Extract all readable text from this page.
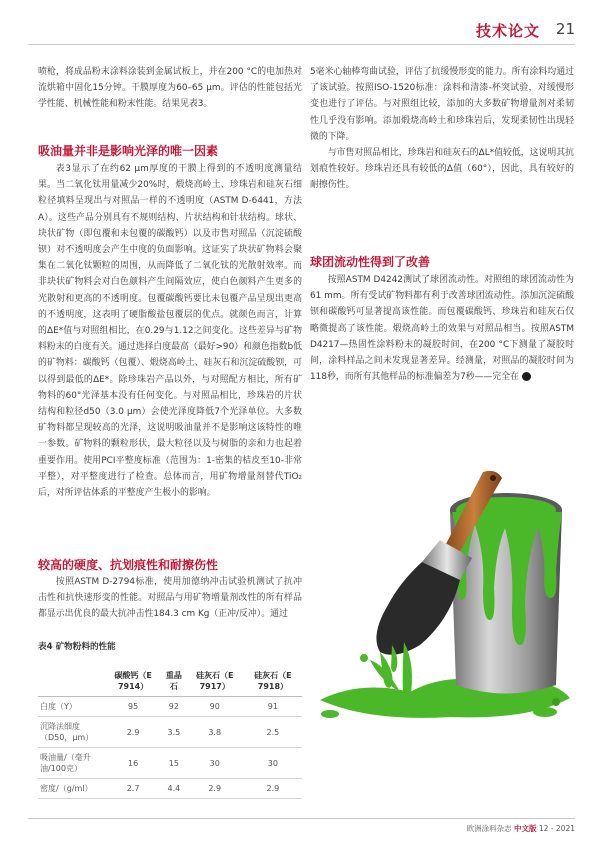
技术论文 21

喷枪，将成品粉末涂料涂装到金属试板上，并在200 °C的电加热对流烘箱中固化15分钟。干膜厚度为60–65 μm。评估的性能包括光学性能、机械性能和粉末性能。结果见表3。

吸油量并非是影响光泽的唯一因素

表3显示了在约62 μm厚度的干膜上得到的不透明度测量结果。当二氧化钛用量减少20%时，煅烧高岭土、珍珠岩和硅灰石细粒径填料呈现出与对照品一样的不透明度（ASTM D-6441，方法A）。这些产品分别具有不规则结构、片状结构和针状结构。球状、块状矿物（即包覆和未包覆的碳酸钙）以及市售对照品（沉淀硫酸钡）对不透明度会产生中度的负面影响。这证实了块状矿物料会聚集在二氧化钛颗粒的周围，从而降低了二氧化钛的光散射效率。而非块状矿物料会对白色颜料产生间隔效应，使白色颜料产生更多的光散射和更高的不透明度。包覆碳酸钙要比未包覆产品呈现出更高的不透明度，这表明了硬脂酸盐包覆层的优点。就颜色而言，计算的ΔE*值与对照组相比，在0.29与1.12之间变化。这些差异与矿物料粉末的白度有关。通过选择白度最高（最好>90）和颜色指数b低的矿物料：碳酸钙（包覆）、煅烧高岭土、硅灰石和沉淀硫酸钡，可以得到最低的ΔE*。除珍珠岩产品以外，与对照配方相比，所有矿物料的60°光泽基本没有任何变化。与对照品相比，珍珠岩的片状结构和粒径d50（3.0 μm）会使光泽度降低7个光泽单位。大多数矿物料都呈现较高的光泽，这说明吸油量并不是影响这该特性的唯一参数。矿物料的颗粒形状，最大粒径以及与树脂的亲和力也起着重要作用。使用PCI平整度标准（范围为：1-密集的桔皮至10-非常平整），对平整度进行了检查。总体而言，用矿物增量剂替代TiO₂后，对所评估体系的平整度产生极小的影响。

较高的硬度、抗划痕性和耐擦伤性

按照ASTM D-2794标准，使用加德纳冲击试验机测试了抗冲击性和抗快速形变的性能。对照品与用矿物增量剂改性的所有样品都显示出优良的最大抗冲击性184.3 cm Kg（正冲/反冲）。通过

表4 矿物粉料的性能
	碳酸钙（E 7914）	重晶石	硅灰石（E 7917）	硅灰石（E 7918）
白度（Y）	95	92	90	91
沉降法细度（D50，μm）	2.9	3.5	3.8	2.5
吸油量/（毫升油/100克）	16	15	30	30
密度/（g/ml）	2.7	4.4	2.9	2.9

5毫米心轴棒弯曲试验，评估了抗缓慢形变的能力。所有涂料均通过了该试验。按照ISO-1520标准：涂料和清漆-杯突试验，对缓慢形变也进行了评估。与对照组比较，添加的大多数矿物增量剂对柔韧性几乎没有影响。添加煅烧高岭土和珍珠岩后，发现柔韧性出现轻微的下降。

与市售对照品相比，珍珠岩和硅灰石的ΔL*值较低，这说明其抗划痕性较好。珍珠岩还具有较低的Δ值（60°），因此，具有较好的耐擦伤性。

球团流动性得到了改善

按照ASTM D4242测试了球团流动性。对照组的球团流动性为61 mm。所有受试矿物料都有利于改善球团流动性。添加沉淀硫酸钡和碳酸钙可显著提高该性能。而包覆碳酸钙、珍珠岩和硅灰石仅略微提高了该性能。煅烧高岭土的效果与对照品相当。按照ASTM D4217—热固性涂料粉末的凝胶时间，在200 °C下测量了凝胶时间，涂料样品之间未发现显著差异。经测量，对照品的凝胶时间为118秒，而所有其他样品的标准偏差为7秒——完全在	▶

欧洲涂料杂志 中文版 12 - 2021
